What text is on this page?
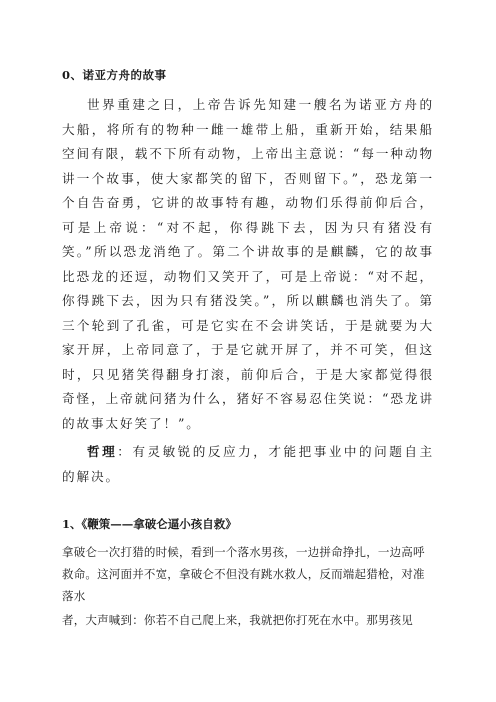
0、诺亚方舟的故事

世界重建之日，上帝告诉先知建一艘名为诺亚方舟的大船，将所有的物种一雌一雄带上船，重新开始，结果船空间有限，载不下所有动物，上帝出主意说：“每一种动物讲一个故事，使大家都笑的留下，否则留下。”，恐龙第一个自告奋勇，它讲的故事特有趣，动物们乐得前仰后合，可是上帝说：“对不起，你得跳下去，因为只有猪没有笑。”所以恐龙消绝了。第二个讲故事的是麒麟，它的故事比恐龙的还逗，动物们又笑开了，可是上帝说：“对不起，你得跳下去，因为只有猪没笑。”，所以麒麟也消失了。第三个轮到了孔雀，可是它实在不会讲笑话，于是就要为大家开屏，上帝同意了，于是它就开屏了，并不可笑，但这时，只见猪笑得翻身打滚，前仰后合，于是大家都觉得很奇怪，上帝就问猪为什么，猪好不容易忍住笑说：“恐龙讲的故事太好笑了！”。

哲理：有灵敏锐的反应力，才能把事业中的问题自主的解决。

1、《鞭策——拿破仑逼小孩自救》

拿破仑一次打猎的时候，看到一个落水男孩，一边拼命挣扎，一边高呼救命。这河面并不宽，拿破仑不但没有跳水救人，反而端起猎枪，对准落水

者，大声喊到：你若不自己爬上来，我就把你打死在水中。那男孩见
